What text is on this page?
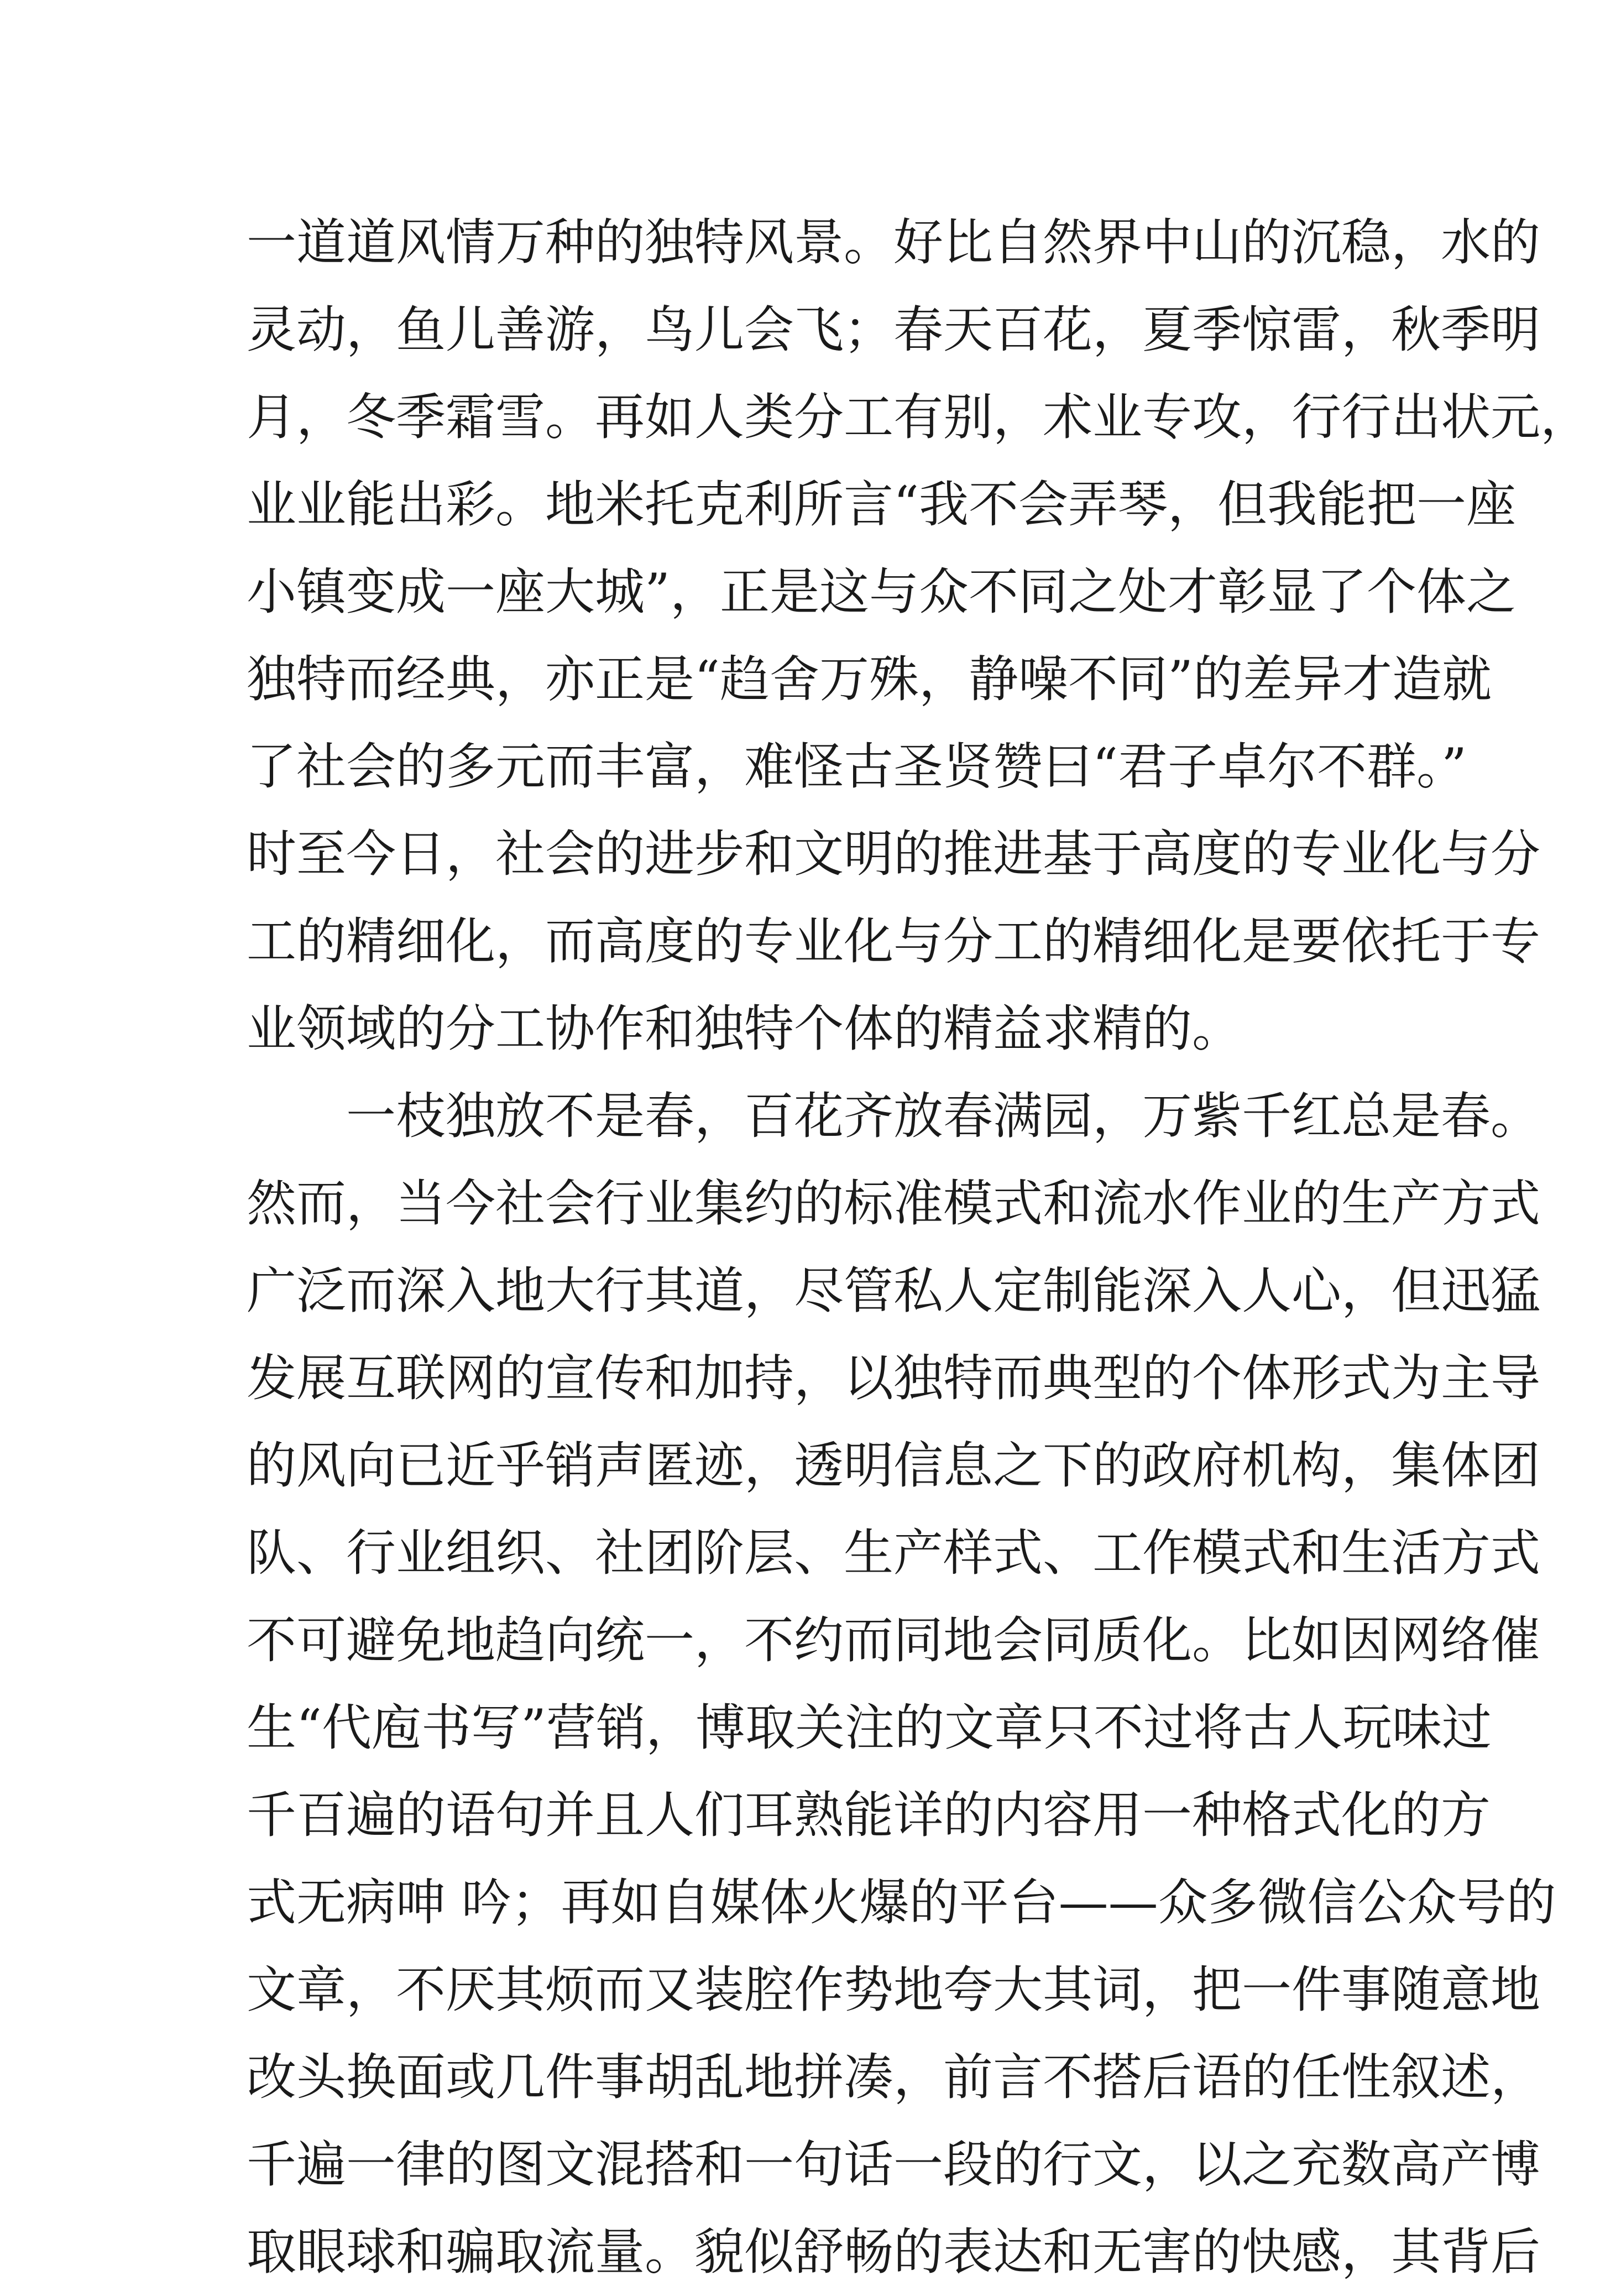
一道道风情万种的独特风景。好比自然界中山的沉稳，水的
灵动，鱼儿善游，鸟儿会飞；春天百花，夏季惊雷，秋季明
月，冬季霜雪。再如人类分工有别，术业专攻，行行出状元，
业业能出彩。地米托克利所言“我不会弄琴，但我能把一座
小镇变成一座大城”，正是这与众不同之处才彰显了个体之
独特而经典，亦正是“趋舍万殊，静噪不同”的差异才造就
了社会的多元而丰富，难怪古圣贤赞曰“君子卓尔不群。”
时至今日，社会的进步和文明的推进基于高度的专业化与分
工的精细化，而高度的专业化与分工的精细化是要依托于专
业领域的分工协作和独特个体的精益求精的。
一枝独放不是春，百花齐放春满园，万紫千红总是春。
然而，当今社会行业集约的标准模式和流水作业的生产方式
广泛而深入地大行其道，尽管私人定制能深入人心，但迅猛
发展互联网的宣传和加持，以独特而典型的个体形式为主导
的风向已近乎销声匿迹，透明信息之下的政府机构，集体团
队、行业组织、社团阶层、生产样式、工作模式和生活方式
不可避免地趋向统一，不约而同地会同质化。比如因网络催
生“代庖书写”营销，博取关注的文章只不过将古人玩味过
千百遍的语句并且人们耳熟能详的内容用一种格式化的方
式无病呻 吟；再如自媒体火爆的平台——众多微信公众号的
文章，不厌其烦而又装腔作势地夸大其词，把一件事随意地
改头换面或几件事胡乱地拼凑，前言不搭后语的任性叙述，
千遍一律的图文混搭和一句话一段的行文，以之充数高产博
取眼球和骗取流量。貌似舒畅的表达和无害的快感，其背后
